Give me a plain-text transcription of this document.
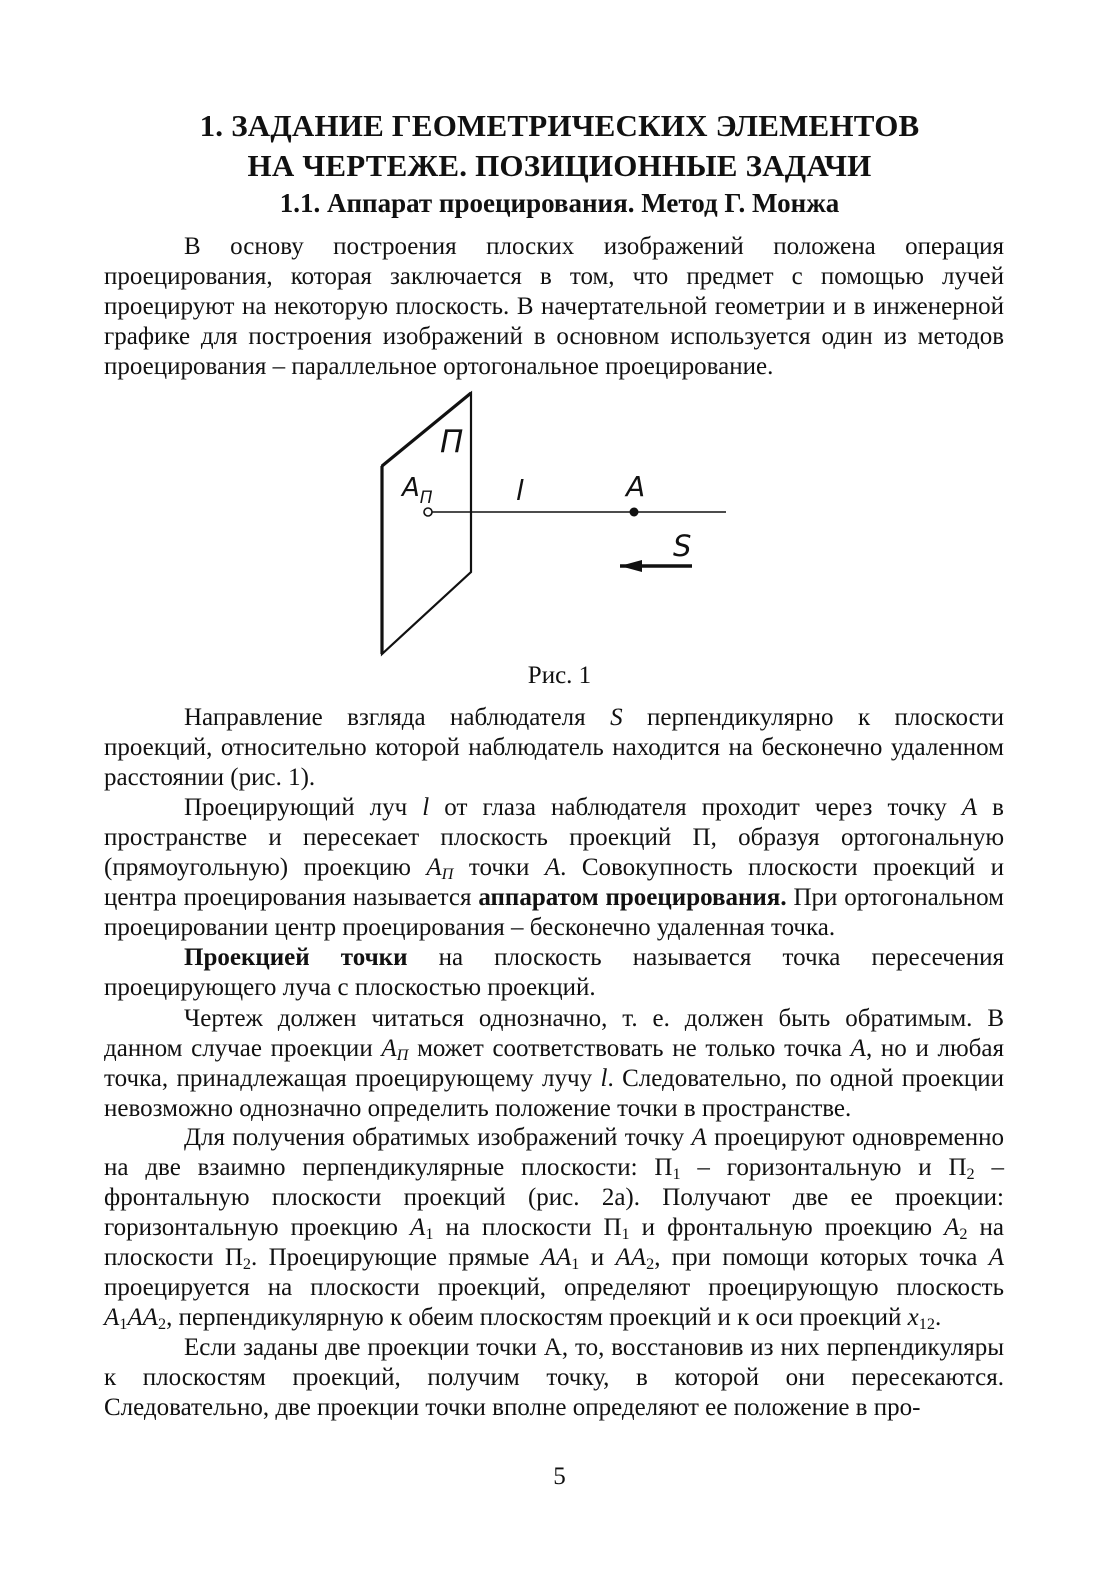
1. ЗАДАНИЕ ГЕОМЕТРИЧЕСКИХ ЭЛЕМЕНТОВ
НА ЧЕРТЕЖЕ. ПОЗИЦИОННЫЕ ЗАДАЧИ
1.1. Аппарат проецирования. Метод Г. Монжа

В основу построения плоских изображений положена операция проецирования, которая заключается в том, что предмет с помощью лучей проецируют на некоторую плоскость. В начертательной геометрии и в инженерной графике для построения изображений в основном используется один из методов проецирования – параллельное ортогональное проецирование.

П
$A_П$	l	A
S

Рис. 1

Направление взгляда наблюдателя S перпендикулярно к плоскости проекций, относительно которой наблюдатель находится на бесконечно удаленном расстоянии (рис. 1).

Проецирующий луч l от глаза наблюдателя проходит через точку A в пространстве и пересекает плоскость проекций П, образуя ортогональную (прямоугольную) проекцию $A_П$ точки A. Совокупность плоскости проекций и центра проецирования называется аппаратом проецирования. При ортогональном проецировании центр проецирования – бесконечно удаленная точка.

Проекцией точки на плоскость называется точка пересечения проецирующего луча с плоскостью проекций.

Чертеж должен читаться однозначно, т. е. должен быть обратимым. В данном случае проекции $A_П$ может соответствовать не только точка A, но и любая точка, принадлежащая проецирующему лучу l. Следовательно, по одной проекции невозможно однозначно определить положение точки в пространстве.

Для получения обратимых изображений точку A проецируют одновременно на две взаимно перпендикулярные плоскости: $П_1$ – горизонтальную и $П_2$ – фронтальную плоскости проекций (рис. 2а). Получают две ее проекции: горизонтальную проекцию $A_1$ на плоскости $П_1$ и фронтальную проекцию $A_2$ на плоскости $П_2$. Проецирующие прямые $AA_1$ и $AA_2$, при помощи которых точка A проецируется на плоскости проекций, определяют проецирующую плоскость $A_1AA_2$, перпендикулярную к обеим плоскостям проекций и к оси проекций $x_{12}$.

Если заданы две проекции точки A, то, восстановив из них перпендикуляры к плоскостям проекций, получим точку, в которой они пересекаются. Следовательно, две проекции точки вполне определяют ее положение в про-

5
